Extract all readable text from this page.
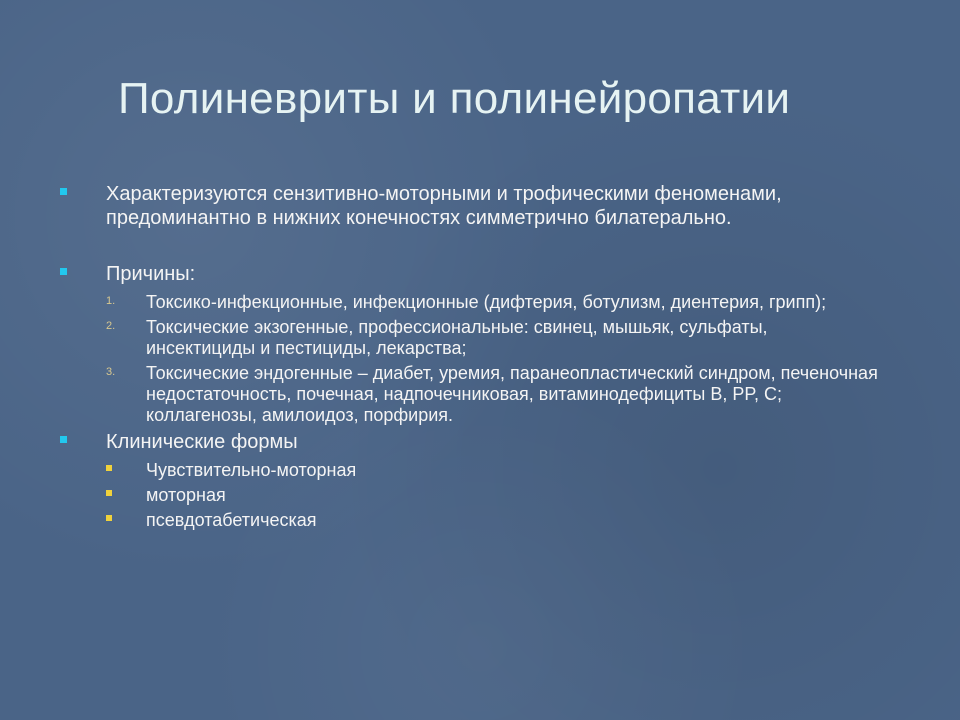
Полиневриты и полинейропатии
Характеризуются сензитивно-моторными и трофическими феноменами, предоминантно в нижних конечностях симметрично билатерально.
Причины:
1. Токсико-инфекционные, инфекционные (дифтерия, ботулизм, диентерия, грипп);
2. Токсические экзогенные, профессиональные: свинец, мышьяк, сульфаты, инсектициды и пестициды, лекарства;
3. Токсические эндогенные – диабет, уремия, паранеопластический синдром, печеночная недостаточность, почечная, надпочечниковая, витаминодефициты B, PP, C; коллагенозы, амилоидоз, порфирия.
Клинические формы
Чувствительно-моторная
моторная
псевдотабетическая
